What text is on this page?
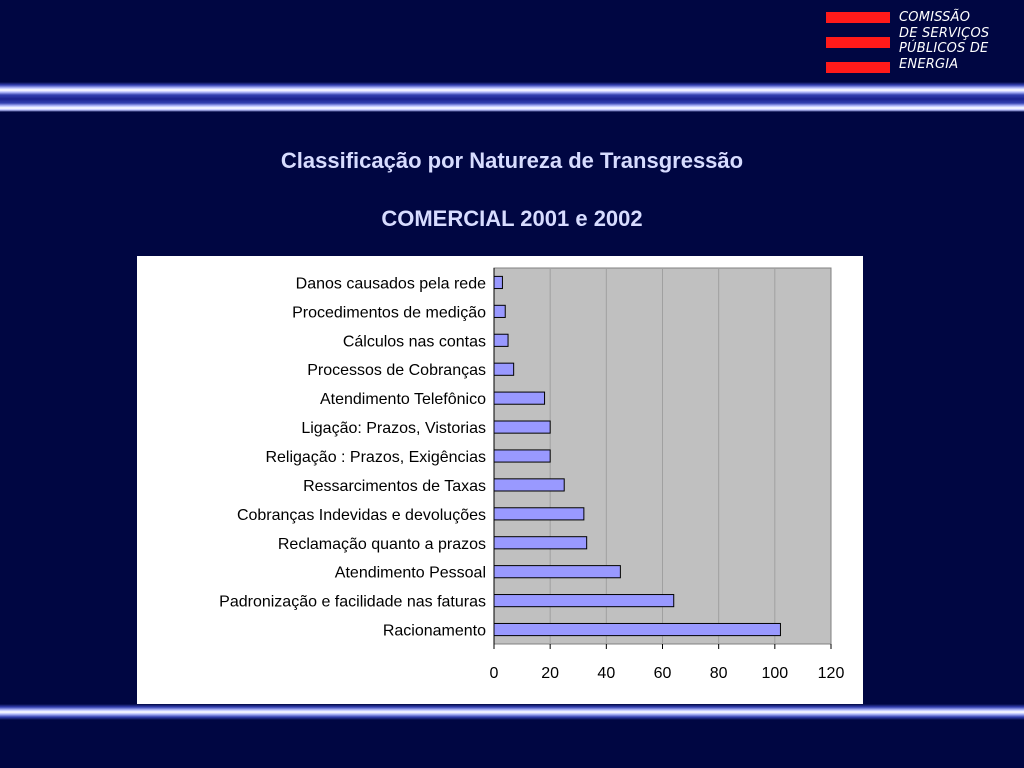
COMISSÃO
DE SERVIÇOS
PÚBLICOS DE
ENERGIA
Classificação por Natureza de Transgressão
COMERCIAL 2001 e 2002
0	20 40 60 80 100 120
Danos causados pela rede
Procedimentos de medição
Cálculos nas contas
Processos de Cobranças
Atendimento Telefônico
Ligação: Prazos, Vistorias
Religação : Prazos, Exigências
Ressarcimentos de Taxas
Cobranças Indevidas e devoluções
Reclamação quanto a prazos
Atendimento Pessoal
Padronização e facilidade nas faturas
Racionamento
